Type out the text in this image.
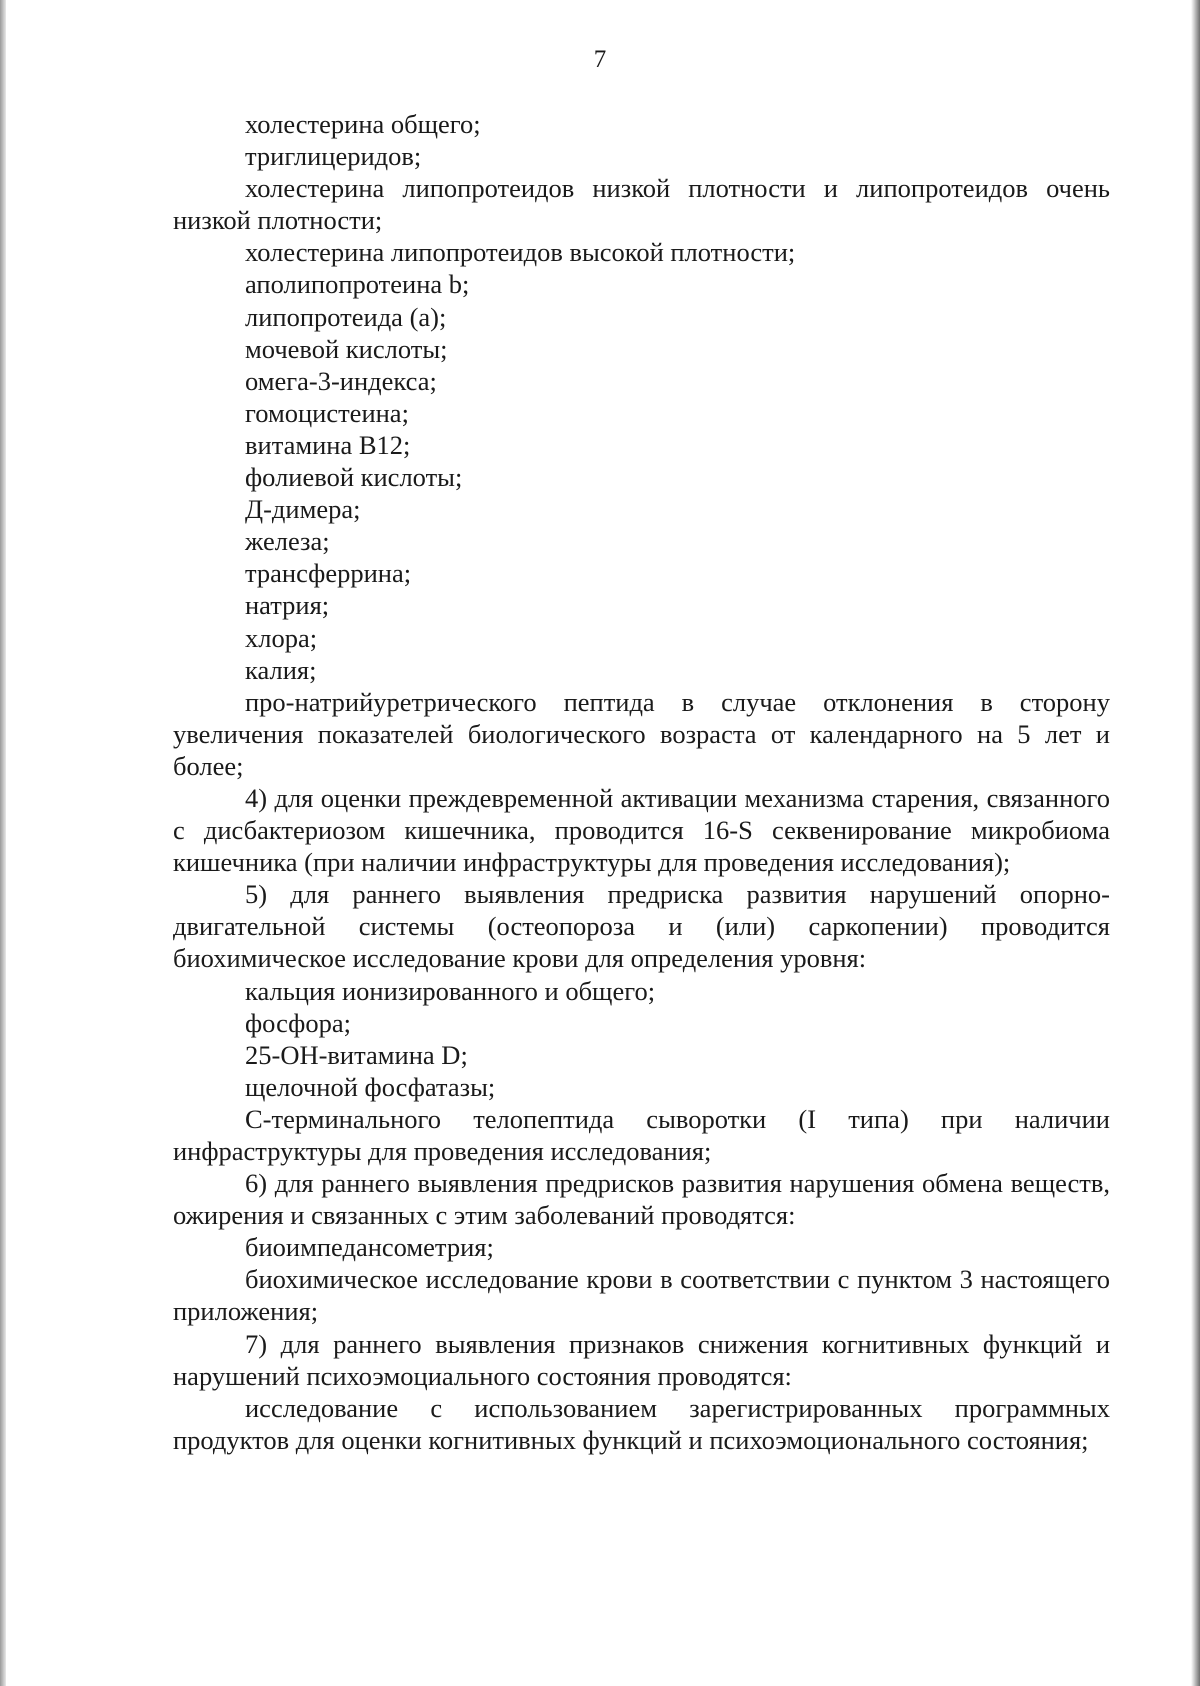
7

холестерина общего;

триглицеридов;

холестерина липопротеидов низкой плотности и липопротеидов очень низкой плотности;

холестерина липопротеидов высокой плотности;

аполипопротеина b;

липопротеида (а);

мочевой кислоты;

омега-3-индекса;

гомоцистеина;

витамина В12;

фолиевой кислоты;

Д-димера;

железа;

трансферрина;

натрия;

хлора;

калия;

про-натрийуретрического пептида в случае отклонения в сторону увеличения показателей биологического возраста от календарного на 5 лет и более;

4) для оценки преждевременной активации механизма старения, связанного с дисбактериозом кишечника, проводится 16-S секвенирование микробиома кишечника (при наличии инфраструктуры для проведения исследования);

5) для раннего выявления предриска развития нарушений опорно-двигательной системы (остеопороза и (или) саркопении) проводится биохимическое исследование крови для определения уровня:

кальция ионизированного и общего;

фосфора;

25-ОН-витамина D;

щелочной фосфатазы;

С-терминального телопептида сыворотки (I типа) при наличии инфраструктуры для проведения исследования;

6) для раннего выявления предрисков развития нарушения обмена веществ, ожирения и связанных с этим заболеваний проводятся:

биоимпедансометрия;

биохимическое исследование крови в соответствии с пунктом 3 настоящего приложения;

7) для раннего выявления признаков снижения когнитивных функций и нарушений психоэмоциального состояния проводятся:

исследование с использованием зарегистрированных программных продуктов для оценки когнитивных функций и психоэмоционального состояния;
